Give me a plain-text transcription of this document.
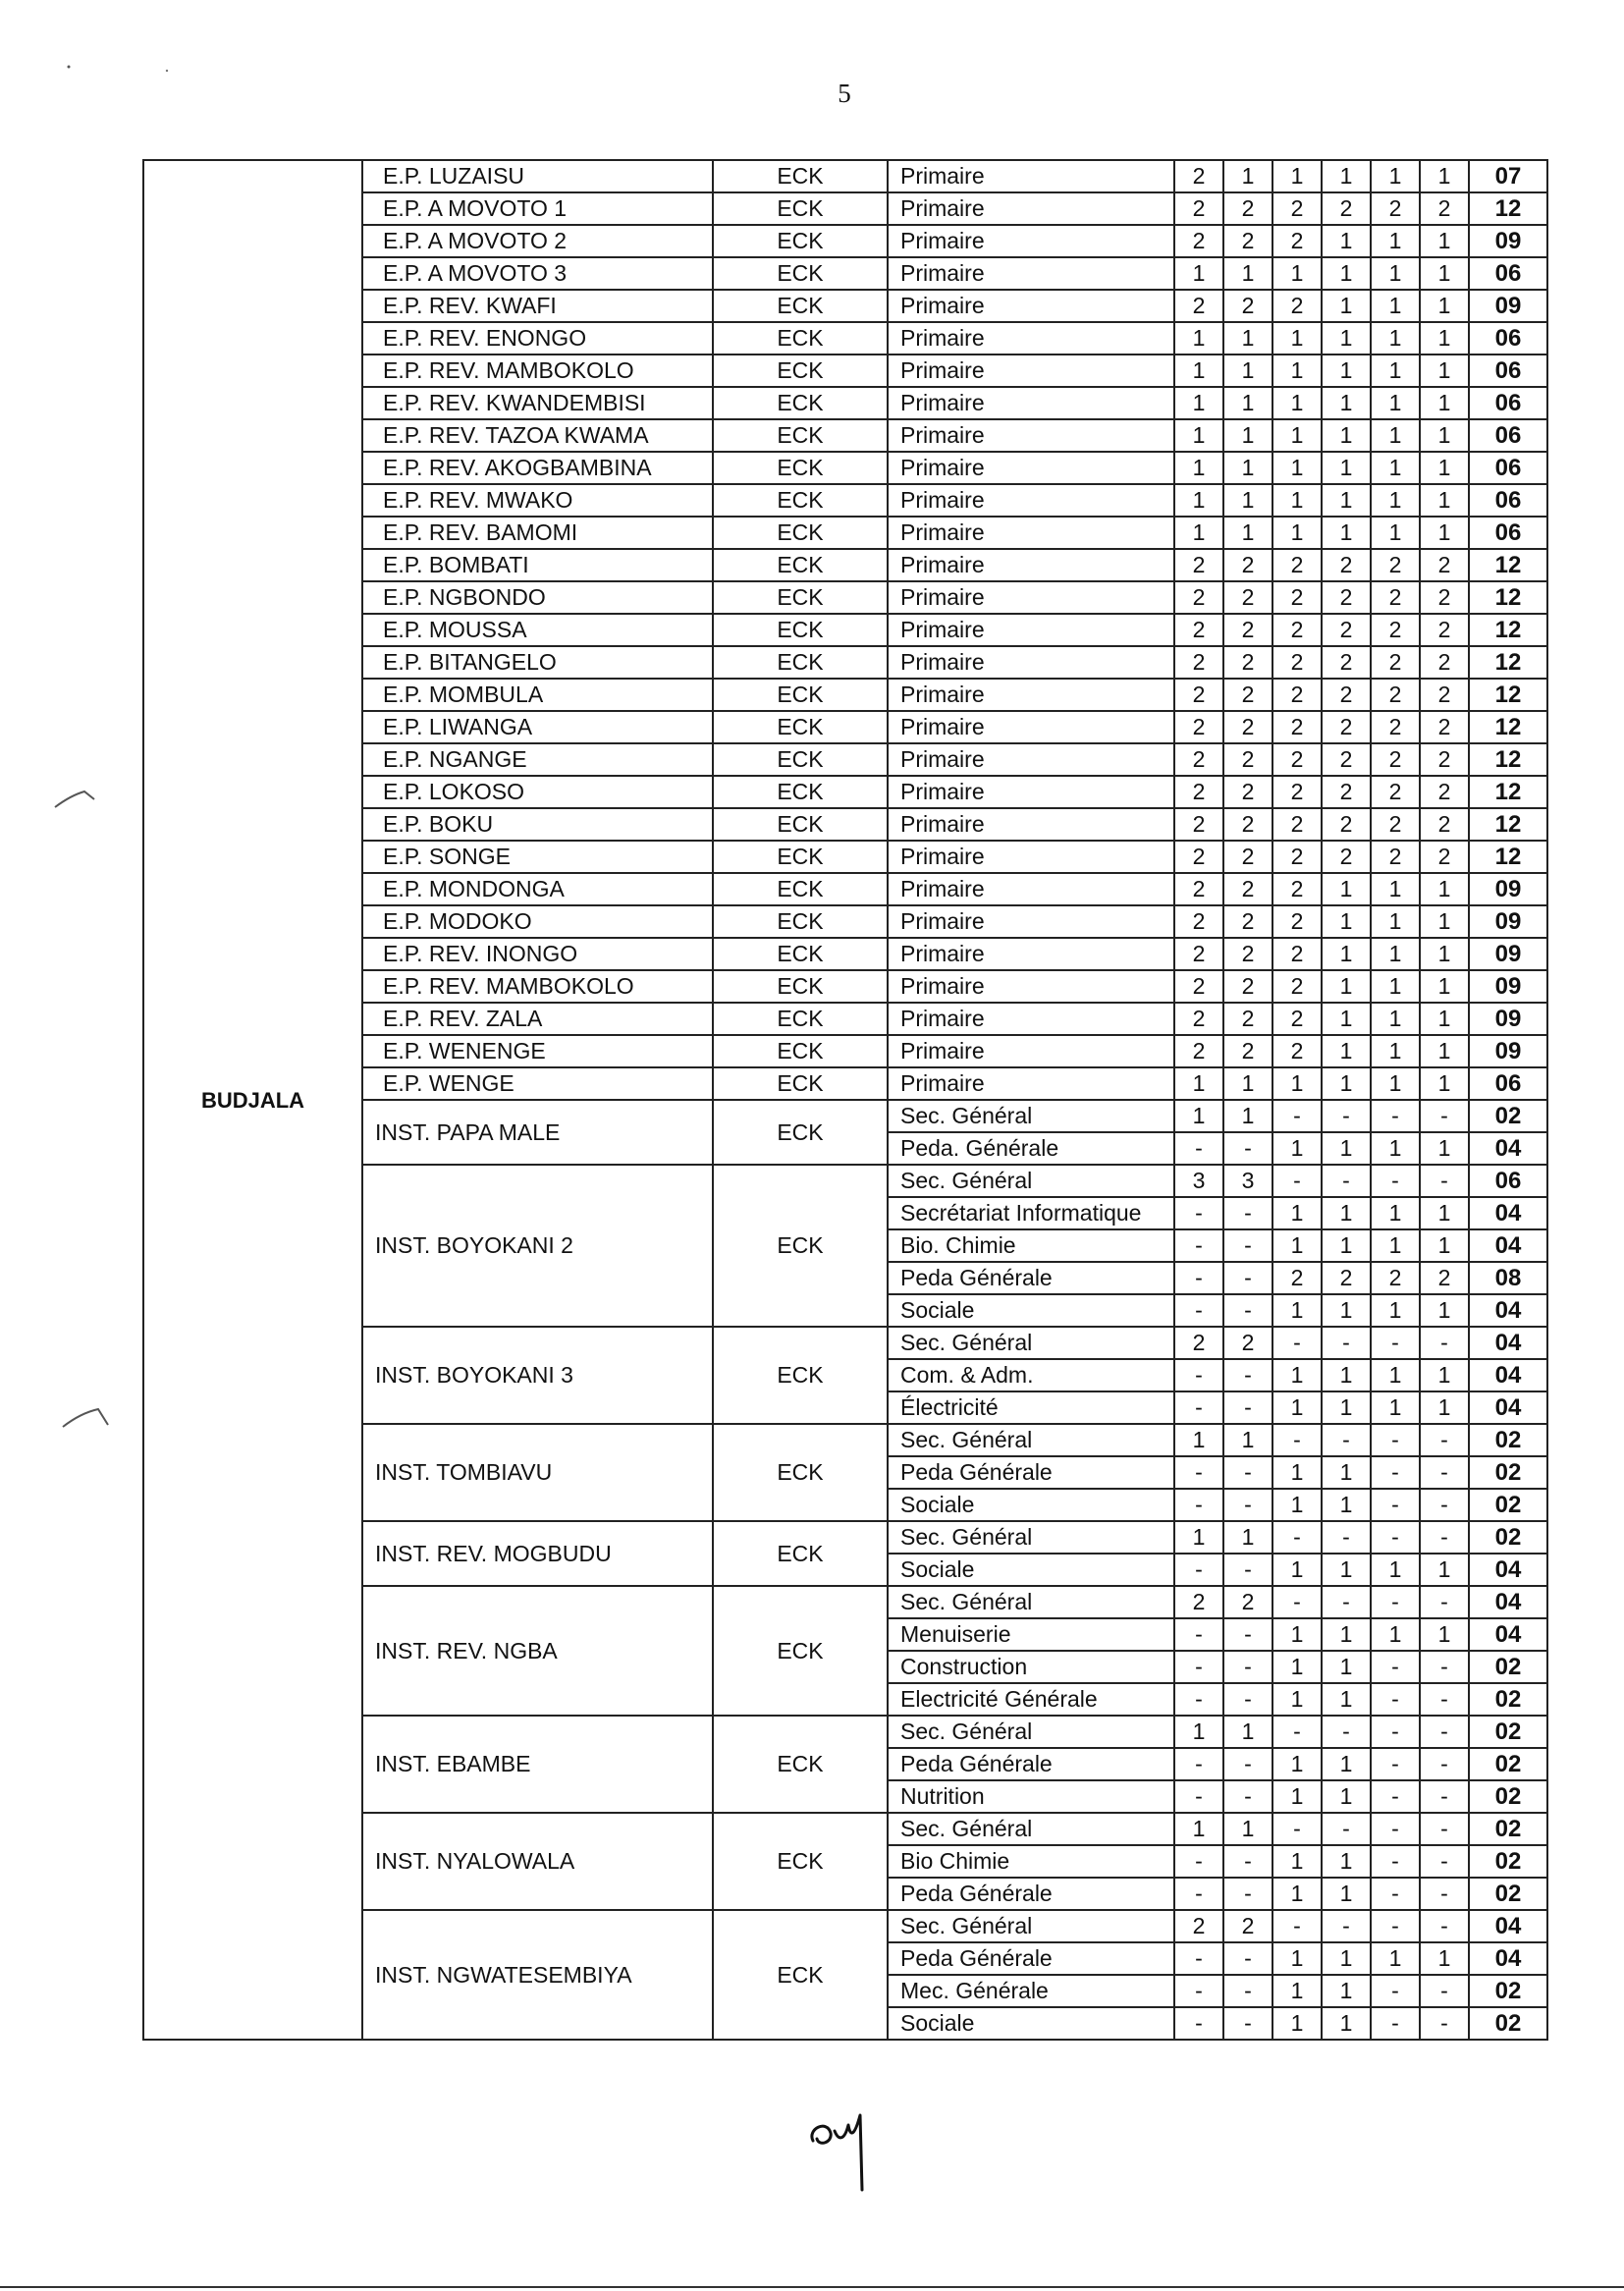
5
BUDJALA	E.P. LUZAISU	ECK	Primaire	2	1	1	1	1	1	07
	E.P. A MOVOTO 1	ECK	Primaire	2	2	2	2	2	2	12
	E.P. A MOVOTO 2	ECK	Primaire	2	2	2	1	1	1	09
	E.P. A MOVOTO 3	ECK	Primaire	1	1	1	1	1	1	06
	E.P. REV. KWAFI	ECK	Primaire	2	2	2	1	1	1	09
	E.P. REV. ENONGO	ECK	Primaire	1	1	1	1	1	1	06
	E.P. REV. MAMBOKOLO	ECK	Primaire	1	1	1	1	1	1	06
	E.P. REV. KWANDEMBISI	ECK	Primaire	1	1	1	1	1	1	06
	E.P. REV. TAZOA KWAMA	ECK	Primaire	1	1	1	1	1	1	06
	E.P. REV. AKOGBAMBINA	ECK	Primaire	1	1	1	1	1	1	06
	E.P. REV. MWAKO	ECK	Primaire	1	1	1	1	1	1	06
	E.P. REV. BAMOMI	ECK	Primaire	1	1	1	1	1	1	06
	E.P. BOMBATI	ECK	Primaire	2	2	2	2	2	2	12
	E.P. NGBONDO	ECK	Primaire	2	2	2	2	2	2	12
	E.P. MOUSSA	ECK	Primaire	2	2	2	2	2	2	12
	E.P. BITANGELO	ECK	Primaire	2	2	2	2	2	2	12
	E.P. MOMBULA	ECK	Primaire	2	2	2	2	2	2	12
	E.P. LIWANGA	ECK	Primaire	2	2	2	2	2	2	12
	E.P. NGANGE	ECK	Primaire	2	2	2	2	2	2	12
	E.P. LOKOSO	ECK	Primaire	2	2	2	2	2	2	12
	E.P. BOKU	ECK	Primaire	2	2	2	2	2	2	12
	E.P. SONGE	ECK	Primaire	2	2	2	2	2	2	12
	E.P. MONDONGA	ECK	Primaire	2	2	2	1	1	1	09
	E.P. MODOKO	ECK	Primaire	2	2	2	1	1	1	09
	E.P. REV. INONGO	ECK	Primaire	2	2	2	1	1	1	09
	E.P. REV. MAMBOKOLO	ECK	Primaire	2	2	2	1	1	1	09
	E.P. REV. ZALA	ECK	Primaire	2	2	2	1	1	1	09
	E.P. WENENGE	ECK	Primaire	2	2	2	1	1	1	09
	E.P. WENGE	ECK	Primaire	1	1	1	1	1	1	06
	INST. PAPA MALE	ECK	Sec. Général	1	1	-	-	-	-	02
			Peda. Générale	-	-	1	1	1	1	04
	INST. BOYOKANI 2	ECK	Sec. Général	3	3	-	-	-	-	06
			Secrétariat Informatique	-	-	1	1	1	1	04
			Bio. Chimie	-	-	1	1	1	1	04
			Peda Générale	-	-	2	2	2	2	08
			Sociale	-	-	1	1	1	1	04
	INST. BOYOKANI 3	ECK	Sec. Général	2	2	-	-	-	-	04
			Com. & Adm.	-	-	1	1	1	1	04
			Électricité	-	-	1	1	1	1	04
	INST. TOMBIAVU	ECK	Sec. Général	1	1	-	-	-	-	02
			Peda Générale	-	-	1	1	-	-	02
			Sociale	-	-	1	1	-	-	02
	INST. REV. MOGBUDU	ECK	Sec. Général	1	1	-	-	-	-	02
			Sociale	-	-	1	1	1	1	04
	INST. REV. NGBA	ECK	Sec. Général	2	2	-	-	-	-	04
			Menuiserie	-	-	1	1	1	1	04
			Construction	-	-	1	1	-	-	02
			Electricité Générale	-	-	1	1	-	-	02
	INST. EBAMBE	ECK	Sec. Général	1	1	-	-	-	-	02
			Peda Générale	-	-	1	1	-	-	02
			Nutrition	-	-	1	1	-	-	02
	INST. NYALOWALA	ECK	Sec. Général	1	1	-	-	-	-	02
			Bio Chimie	-	-	1	1	-	-	02
			Peda Générale	-	-	1	1	-	-	02
	INST. NGWATESEMBIYA	ECK	Sec. Général	2	2	-	-	-	-	04
			Peda Générale	-	-	1	1	1	1	04
			Mec. Générale	-	-	1	1	-	-	02
			Sociale	-	-	1	1	-	-	02
